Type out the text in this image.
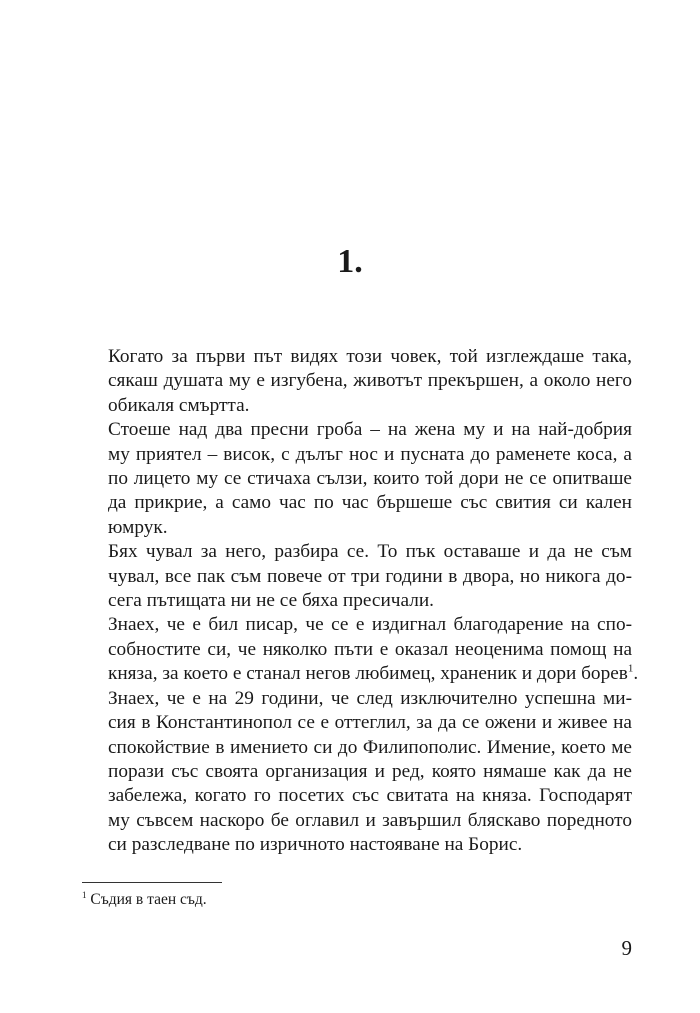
1.

Когато за първи път видях този човек, той изглеждаше така,
сякаш душата му е изгубена, животът прекършен, а около него
обикаля смъртта.

Стоеше над два пресни гроба – на жена му и на най-добрия
му приятел – висок, с дълъг нос и пусната до раменете коса, а
по лицето му се стичаха сълзи, които той дори не се опитваше
да прикрие, а само час по час бършеше със свития си кален
юмрук.

Бях чувал за него, разбира се. То пък оставаше и да не съм
чувал, все пак съм повече от три години в двора, но никога до-
сега пътищата ни не се бяха пресичали.

Знаех, че е бил писар, че се е издигнал благодарение на спо-
собностите си, че няколко пъти е оказал неоценима помощ на
княза, за което е станал негов любимец, храненик и дори борев$^1$.

Знаех, че е на 29 години, че след изключително успешна ми-
сия в Константинопол се е оттеглил, за да се ожени и живее на
спокойствие в имението си до Филипополис. Имение, което ме
порази със своята организация и ред, която нямаше как да не
забележа, когато го посетих със свитата на княза. Господарят
му съвсем наскоро бе оглавил и завършил бляскаво поредното
си разследване по изричното настояване на Борис.

$^1$ Съдия в таен съд.
9
